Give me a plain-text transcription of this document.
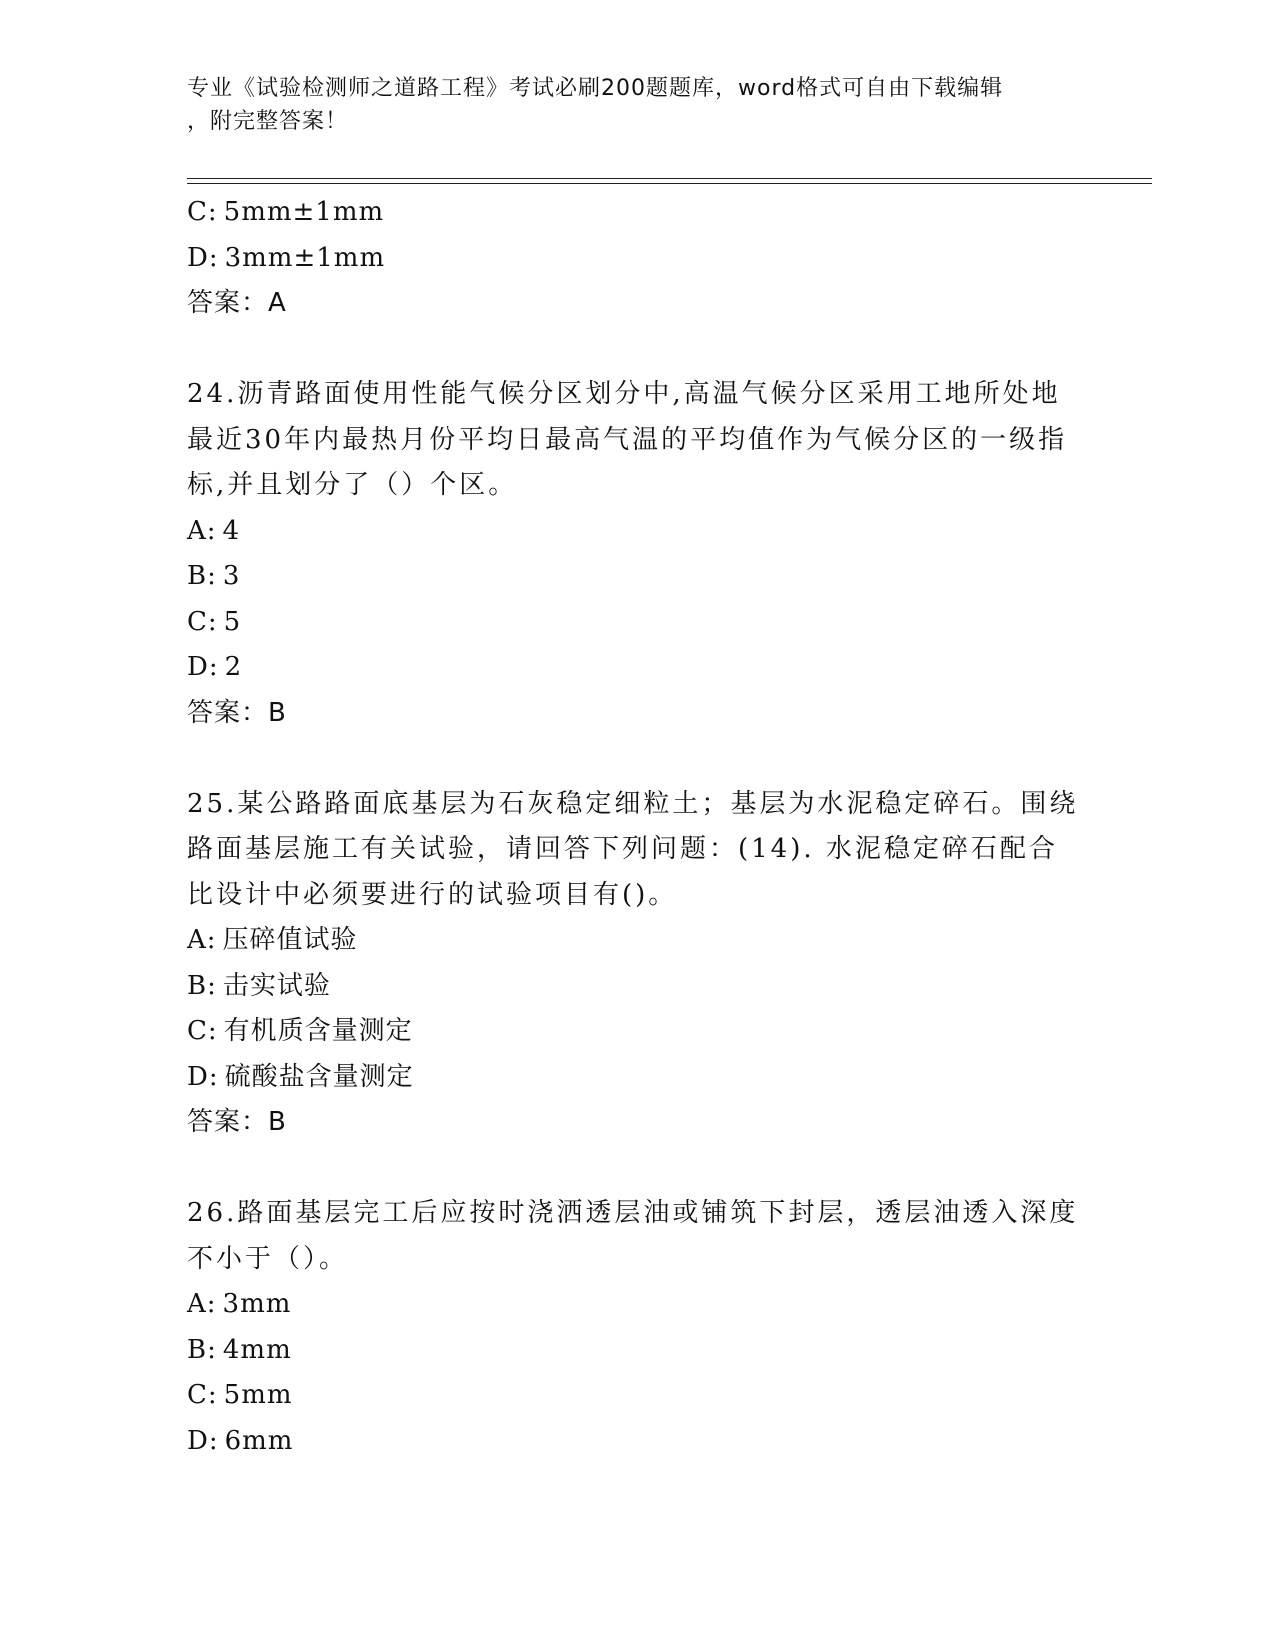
专业《试验检测师之道路工程》考试必刷200题题库，word格式可自由下载编辑
，附完整答案！
C: 5mm±1mm
D: 3mm±1mm
答案：A
24.沥青路面使用性能气候分区划分中,高温气候分区采用工地所处地
最近30年内最热月份平均日最高气温的平均值作为气候分区的一级指
标,并且划分了（）个区。
A: 4
B: 3
C: 5
D: 2
答案：B
25.某公路路面底基层为石灰稳定细粒土；基层为水泥稳定碎石。围绕
路面基层施工有关试验，请回答下列问题：(14). 水泥稳定碎石配合
比设计中必须要进行的试验项目有()。
A: 压碎值试验
B: 击实试验
C: 有机质含量测定
D: 硫酸盐含量测定
答案：B
26.路面基层完工后应按时浇洒透层油或铺筑下封层，透层油透入深度
不小于（）。
A: 3mm
B: 4mm
C: 5mm
D: 6mm
